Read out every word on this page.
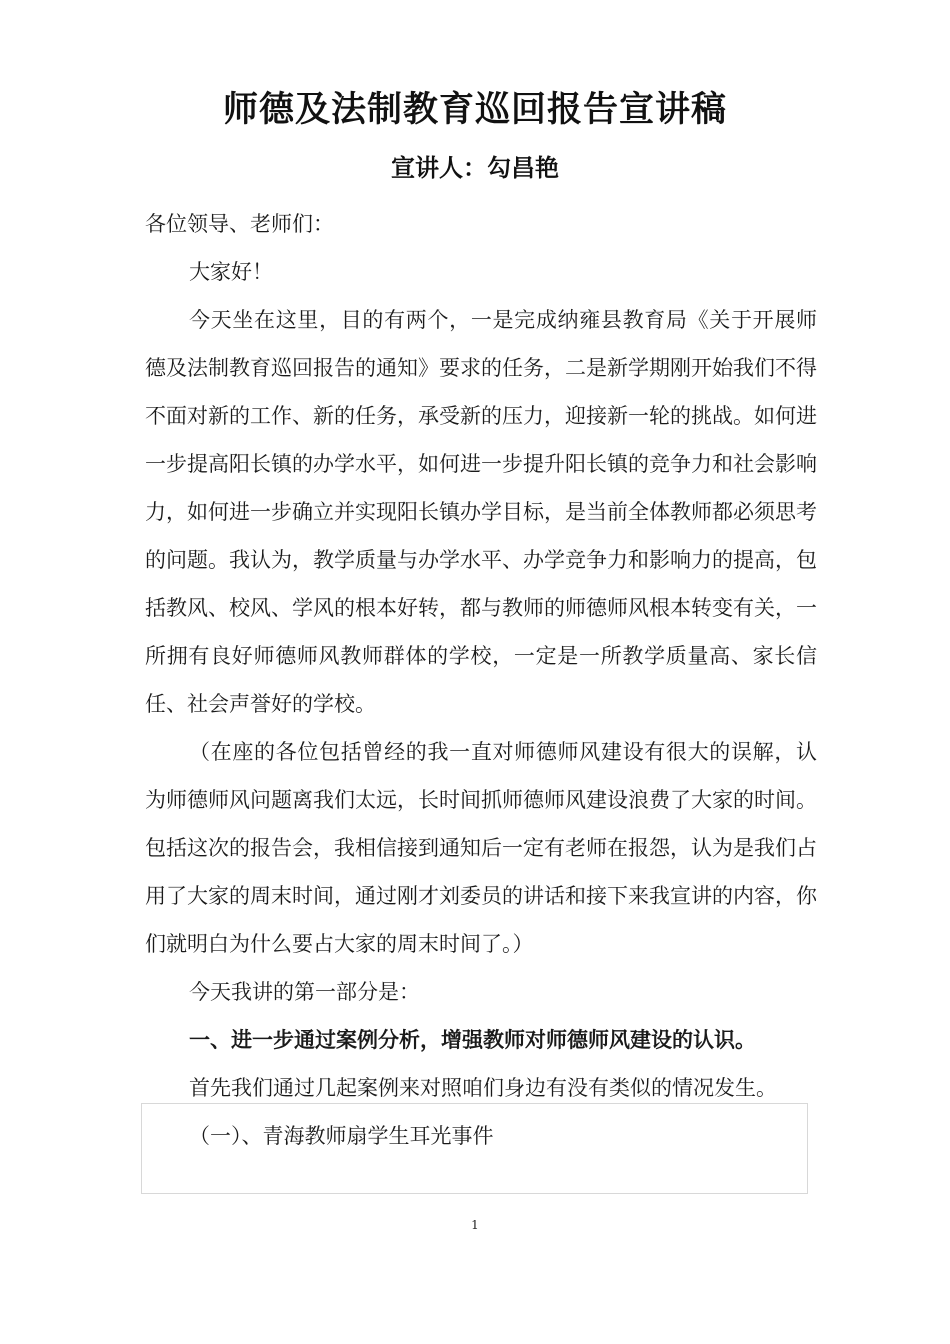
师德及法制教育巡回报告宣讲稿
宣讲人：勾昌艳

各位领导、老师们：

大家好！

今天坐在这里，目的有两个，一是完成纳雍县教育局《关于开展师德及法制教育巡回报告的通知》要求的任务，二是新学期刚开始我们不得不面对新的工作、新的任务，承受新的压力，迎接新一轮的挑战。如何进一步提高阳长镇的办学水平，如何进一步提升阳长镇的竞争力和社会影响力，如何进一步确立并实现阳长镇办学目标，是当前全体教师都必须思考的问题。我认为，教学质量与办学水平、办学竞争力和影响力的提高，包括教风、校风、学风的根本好转，都与教师的师德师风根本转变有关，一所拥有良好师德师风教师群体的学校，一定是一所教学质量高、家长信任、社会声誉好的学校。

（在座的各位包括曾经的我一直对师德师风建设有很大的误解，认为师德师风问题离我们太远，长时间抓师德师风建设浪费了大家的时间。包括这次的报告会，我相信接到通知后一定有老师在报怨，认为是我们占用了大家的周末时间，通过刚才刘委员的讲话和接下来我宣讲的内容，你们就明白为什么要占大家的周末时间了。）

今天我讲的第一部分是：

一、进一步通过案例分析，增强教师对师德师风建设的认识。

首先我们通过几起案例来对照咱们身边有没有类似的情况发生。

（一）、青海教师扇学生耳光事件

1
